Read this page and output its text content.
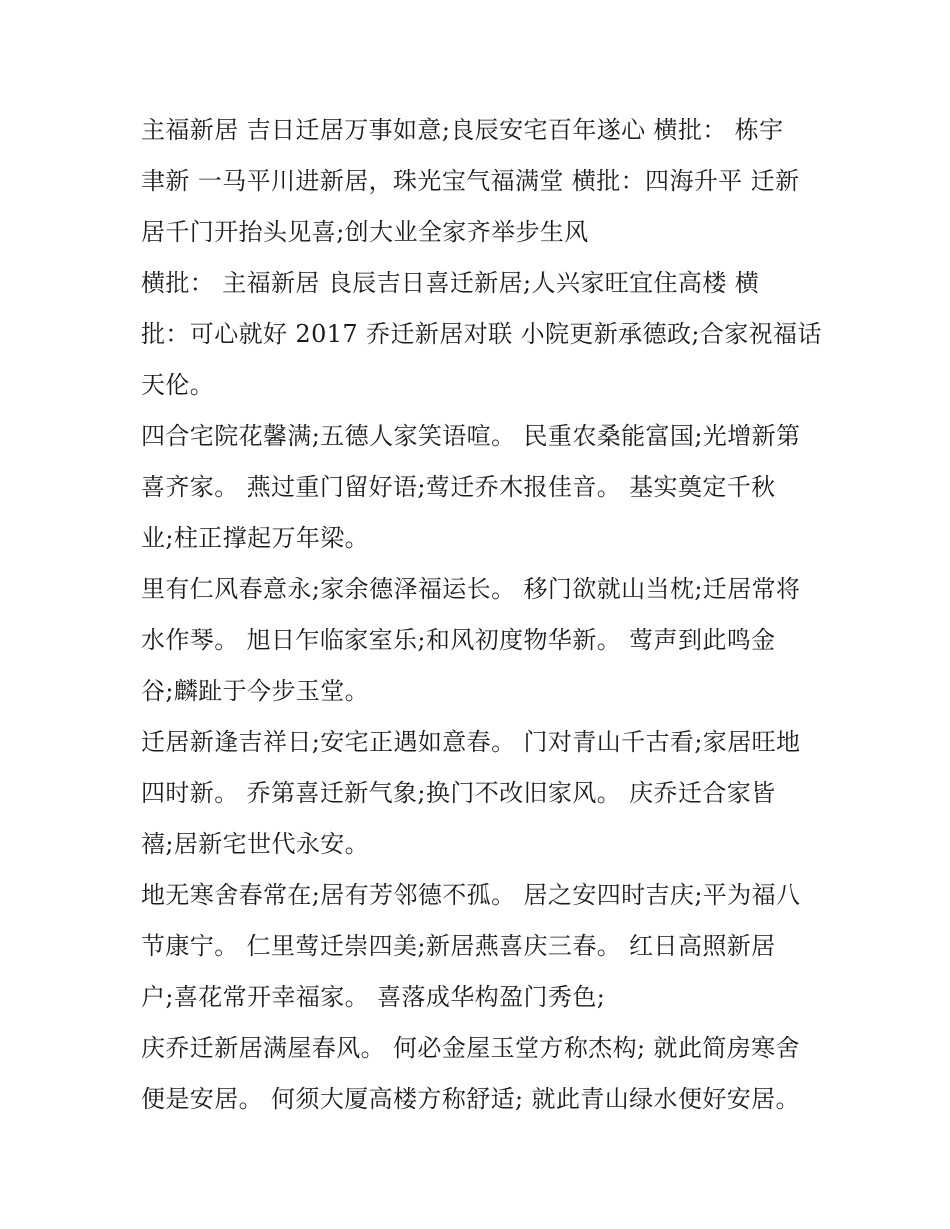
主福新居 吉日迁居万事如意;良辰安宅百年遂心 横批： 栋宇
聿新 一马平川进新居，珠光宝气福满堂 横批：四海升平 迁新
居千门开抬头见喜;创大业全家齐举步生风
横批： 主福新居 良辰吉日喜迁新居;人兴家旺宜住高楼 横
批：可心就好 2017 乔迁新居对联 小院更新承德政;合家祝福话
天伦。
四合宅院花馨满;五德人家笑语喧。 民重农桑能富国;光增新第
喜齐家。 燕过重门留好语;莺迁乔木报佳音。 基实奠定千秋
业;柱正撑起万年梁。
里有仁风春意永;家余德泽福运长。 移门欲就山当枕;迁居常将
水作琴。 旭日乍临家室乐;和风初度物华新。 莺声到此鸣金
谷;麟趾于今步玉堂。
迁居新逢吉祥日;安宅正遇如意春。 门对青山千古看;家居旺地
四时新。 乔第喜迁新气象;换门不改旧家风。 庆乔迁合家皆
禧;居新宅世代永安。
地无寒舍春常在;居有芳邻德不孤。 居之安四时吉庆;平为福八
节康宁。 仁里莺迁崇四美;新居燕喜庆三春。 红日高照新居
户;喜花常开幸福家。 喜落成华构盈门秀色;
庆乔迁新居满屋春风。 何必金屋玉堂方称杰构; 就此简房寒舍
便是安居。 何须大厦高楼方称舒适; 就此青山绿水便好安居。
